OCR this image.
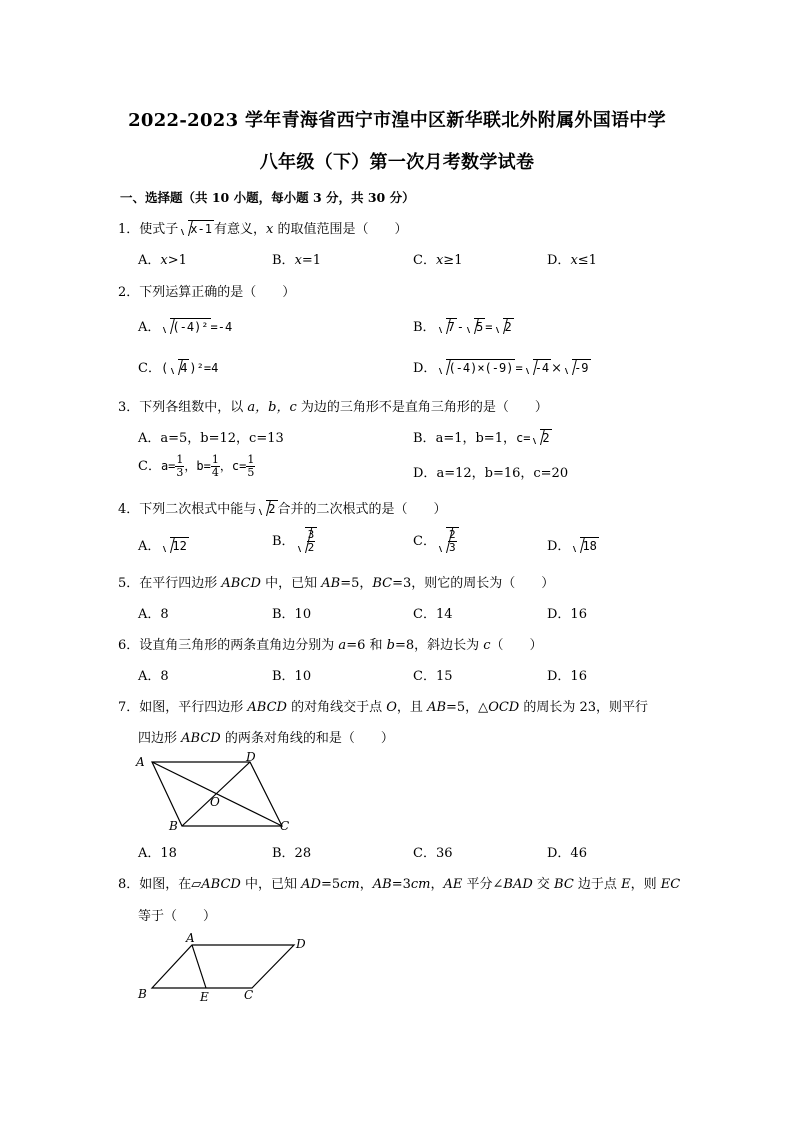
2022-2023 学年青海省西宁市湟中区新华联北外附属外国语中学
八年级（下）第一次月考数学试卷
一、选择题（共 10 小题，每小题 3 分，共 30 分）
1．使式子 x-1 有意义，x 的取值范围是（　　）
A．x>1	B．x=1	C．x≥1	D．x≤1
2．下列运算正确的是（　　）
A． (-4)² =-4	B． 7 - 5 = 2
C．( 4 )²=4	D． (-4)×(-9) = -4 × -9
3．下列各组数中，以 a，b，c 为边的三角形不是直角三角形的是（　　）
A．a=5，b=12，c=13	B．a=1，b=1，c= 2
C．$a= \frac{1}{3}$ ，$b= \frac{1}{4}$ ，$c= \frac{1}{5}$	D．a=12，b=16，c=20
4．下列二次根式中能与 2 合并的二次根式的是（　　）
A． 12	B． $\frac{3}{2}$	C． $\frac{2}{3}$	D． 18
5．在平行四边形 ABCD 中，已知 AB=5，BC=3，则它的周长为（　　）
A．8	B．10	C．14	D．16
6．设直角三角形的两条直角边分别为 a=6 和 b=8，斜边长为 c（　　）
A．8	B．10	C．15	D．16
7．如图，平行四边形 ABCD 的对角线交于点 O，且 AB=5，△OCD 的周长为 23，则平行
四边形 ABCD 的两条对角线的和是（　　）
A	D
B	C
O
A．18	B．28	C．36	D．46
8．如图，在▱ABCD 中，已知 AD=5cm，AB=3cm，AE 平分∠BAD 交 BC 边于点 E，则 EC
等于（　　）
A	D
B	E	C
